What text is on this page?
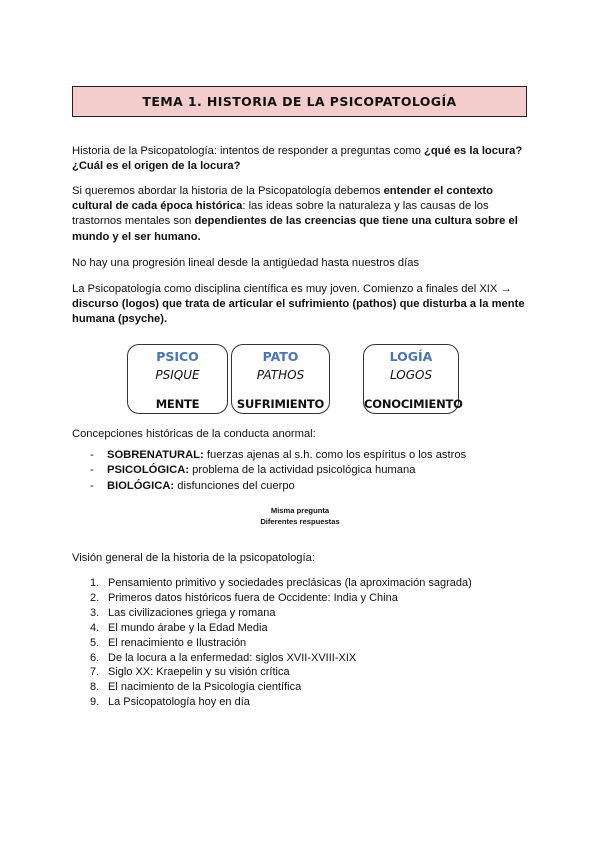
TEMA 1. HISTORIA DE LA PSICOPATOLOGÍA

Historia de la Psicopatología: intentos de responder a preguntas como ¿qué es la locura? ¿Cuál es el origen de la locura?

Si queremos abordar la historia de la Psicopatología debemos entender el contexto cultural de cada época histórica: las ideas sobre la naturaleza y las causas de los trastornos mentales son dependientes de las creencias que tiene una cultura sobre el mundo y el ser humano.

No hay una progresión lineal desde la antigüedad hasta nuestros días

La Psicopatología como disciplina científica es muy joven. Comienzo a finales del XIX → discurso (logos) que trata de articular el sufrimiento (pathos) que disturba a la mente humana (psyche).

PSICO
PSIQUE
MENTE
PATO
PATHOS
SUFRIMIENTO
LOGÍA
LOGOS
CONOCIMIENTO

Concepciones históricas de la conducta anormal:

- SOBRENATURAL: fuerzas ajenas al s.h. como los espíritus o los astros
- PSICOLÓGICA: problema de la actividad psicológica humana
- BIOLÓGICA: disfunciones del cuerpo
Misma pregunta
Diferentes respuestas

Visión general de la historia de la psicopatología:

1. Pensamiento primitivo y sociedades preclásicas (la aproximación sagrada)
2. Primeros datos históricos fuera de Occidente: India y China
3. Las civilizaciones griega y romana
4. El mundo árabe y la Edad Media
5. El renacimiento e Ilustración
6. De la locura a la enfermedad: siglos XVII-XVIII-XIX
7. Siglo XX: Kraepelin y su visión crítica
8. El nacimiento de la Psicología científica
9. La Psicopatología hoy en día
